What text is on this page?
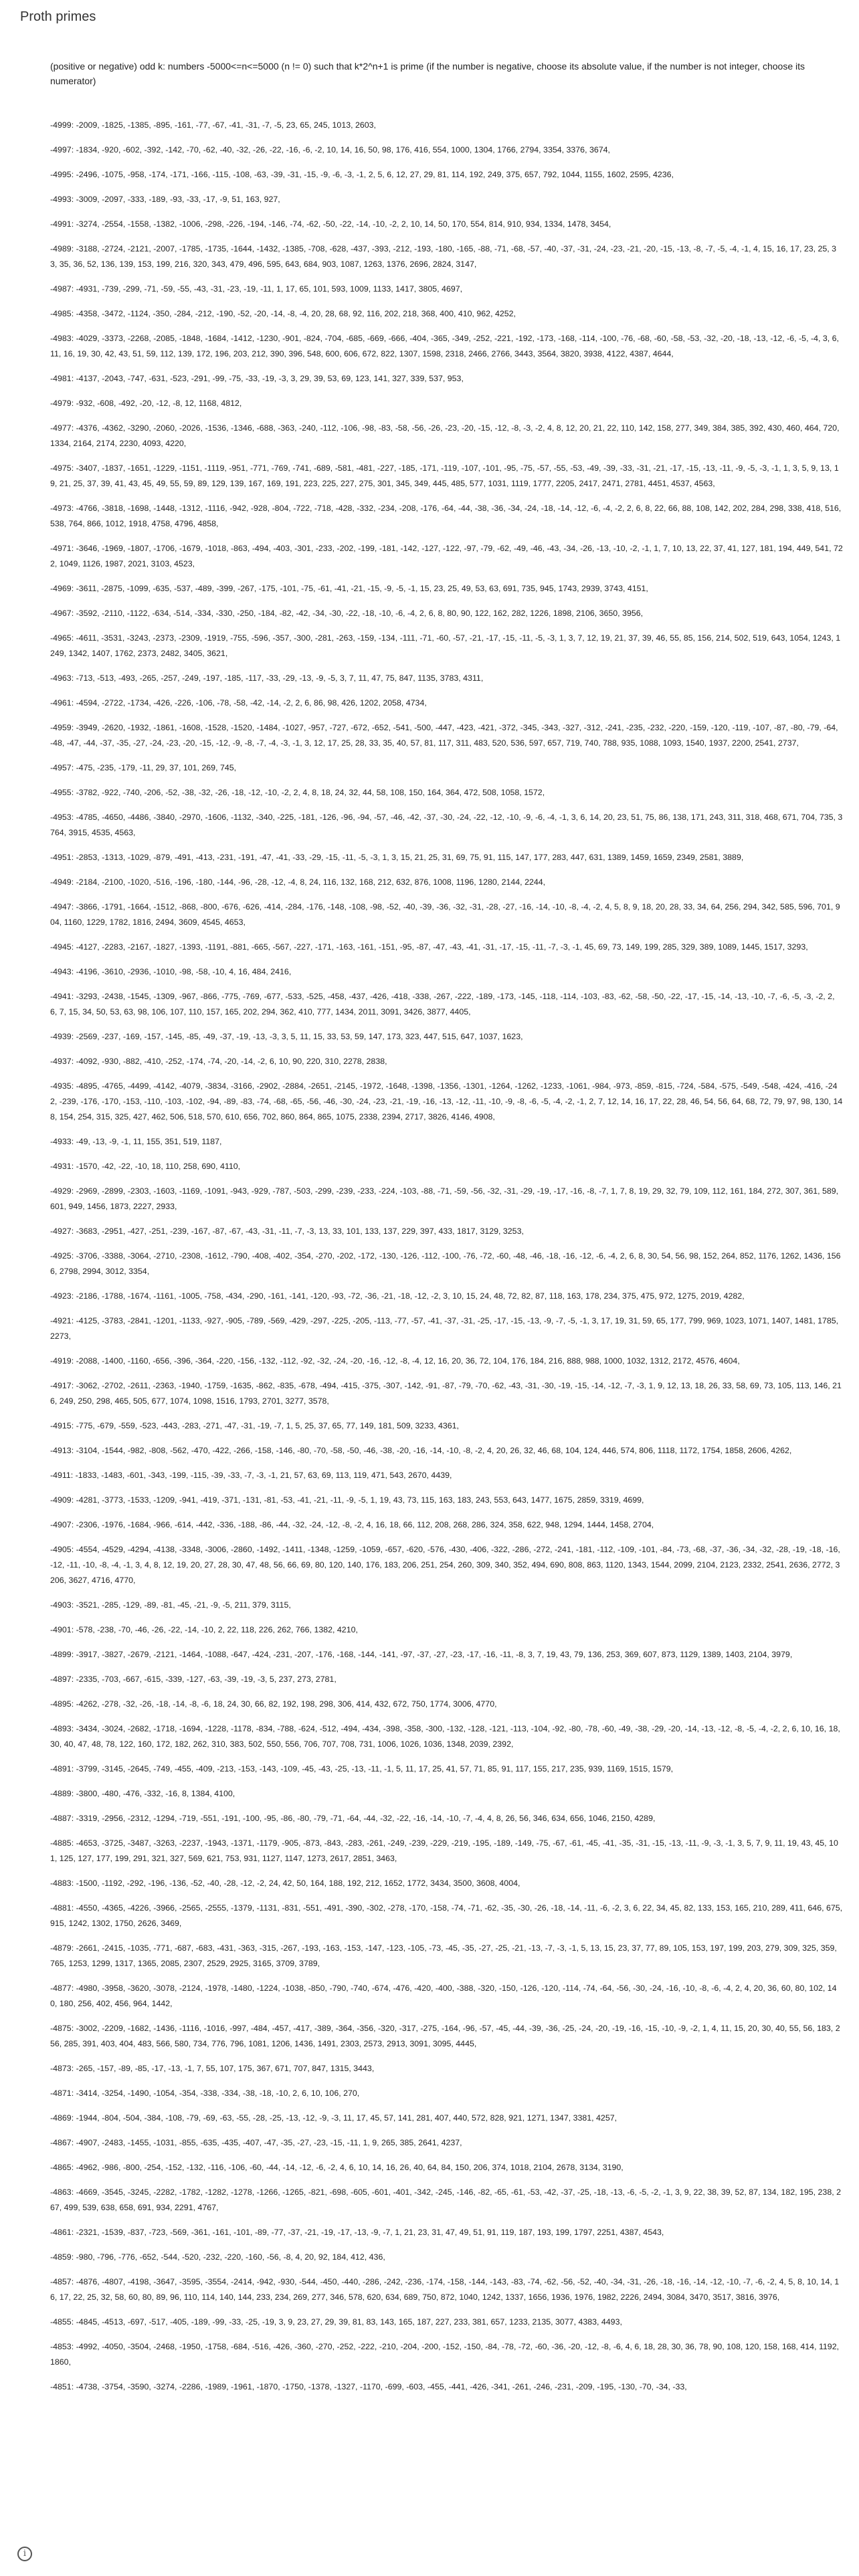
Proth primes

(positive or negative) odd k: numbers -5000<=n<=5000 (n != 0) such that k*2^n+1 is prime (if the number is negative, choose its absolute value, if the number is not integer, choose its numerator)

-4999: -2009, -1825, -1385, -895, -161, -77, -67, -41, -31, -7, -5, 23, 65, 245, 1013, 2603,

-4997: -1834, -920, -602, -392, -142, -70, -62, -40, -32, -26, -22, -16, -6, -2, 10, 14, 16, 50, 98, 176, 416, 554, 1000, 1304, 1766, 2794, 3354, 3376, 3674,

-4995: -2496, -1075, -958, -174, -171, -166, -115, -108, -63, -39, -31, -15, -9, -6, -3, -1, 2, 5, 6, 12, 27, 29, 81, 114, 192, 249, 375, 657, 792, 1044, 1155, 1602, 2595, 4236,

-4993: -3009, -2097, -333, -189, -93, -33, -17, -9, 51, 163, 927,

-4991: -3274, -2554, -1558, -1382, -1006, -298, -226, -194, -146, -74, -62, -50, -22, -14, -10, -2, 2, 10, 14, 50, 170, 554, 814, 910, 934, 1334, 1478, 3454,

-4989: -3188, -2724, -2121, -2007, -1785, -1735, -1644, -1432, -1385, -708, -628, -437, -393, -212, -193, -180, -165, -88, -71, -68, -57, -40, -37, -31, -24, -23, -21, -20, -15, -13, -8, -7, -5, -4, -1, 4, 15, 16, 17, 23, 25, 33, 35, 36, 52, 136, 139, 153, 199, 216, 320, 343, 479, 496, 595, 643, 684, 903, 1087, 1263, 1376, 2696, 2824, 3147,

-4987: -4931, -739, -299, -71, -59, -55, -43, -31, -23, -19, -11, 1, 17, 65, 101, 593, 1009, 1133, 1417, 3805, 4697,

-4985: -4358, -3472, -1124, -350, -284, -212, -190, -52, -20, -14, -8, -4, 20, 28, 68, 92, 116, 202, 218, 368, 400, 410, 962, 4252,

-4983: -4029, -3373, -2268, -2085, -1848, -1684, -1412, -1230, -901, -824, -704, -685, -669, -666, -404, -365, -349, -252, -221, -192, -173, -168, -114, -100, -76, -68, -60, -58, -53, -32, -20, -18, -13, -12, -6, -5, -4, 3, 6, 11, 16, 19, 30, 42, 43, 51, 59, 112, 139, 172, 196, 203, 212, 390, 396, 548, 600, 606, 672, 822, 1307, 1598, 2318, 2466, 2766, 3443, 3564, 3820, 3938, 4122, 4387, 4644,

-4981: -4137, -2043, -747, -631, -523, -291, -99, -75, -33, -19, -3, 3, 29, 39, 53, 69, 123, 141, 327, 339, 537, 953,

-4979: -932, -608, -492, -20, -12, -8, 12, 1168, 4812,

-4977: -4376, -4362, -3290, -2060, -2026, -1536, -1346, -688, -363, -240, -112, -106, -98, -83, -58, -56, -26, -23, -20, -15, -12, -8, -3, -2, 4, 8, 12, 20, 21, 22, 110, 142, 158, 277, 349, 384, 385, 392, 430, 460, 464, 720, 1334, 2164, 2174, 2230, 4093, 4220,

-4975: -3407, -1837, -1651, -1229, -1151, -1119, -951, -771, -769, -741, -689, -581, -481, -227, -185, -171, -119, -107, -101, -95, -75, -57, -55, -53, -49, -39, -33, -31, -21, -17, -15, -13, -11, -9, -5, -3, -1, 1, 3, 5, 9, 13, 19, 21, 25, 37, 39, 41, 43, 45, 49, 55, 59, 89, 129, 139, 167, 169, 191, 223, 225, 227, 275, 301, 345, 349, 445, 485, 577, 1031, 1119, 1777, 2205, 2417, 2471, 2781, 4451, 4537, 4563,

-4973: -4766, -3818, -1698, -1448, -1312, -1116, -942, -928, -804, -722, -718, -428, -332, -234, -208, -176, -64, -44, -38, -36, -34, -24, -18, -14, -12, -6, -4, -2, 2, 6, 8, 22, 66, 88, 108, 142, 202, 284, 298, 338, 418, 516, 538, 764, 866, 1012, 1918, 4758, 4796, 4858,

-4971: -3646, -1969, -1807, -1706, -1679, -1018, -863, -494, -403, -301, -233, -202, -199, -181, -142, -127, -122, -97, -79, -62, -49, -46, -43, -34, -26, -13, -10, -2, -1, 1, 7, 10, 13, 22, 37, 41, 127, 181, 194, 449, 541, 722, 1049, 1126, 1987, 2021, 3103, 4523,

-4969: -3611, -2875, -1099, -635, -537, -489, -399, -267, -175, -101, -75, -61, -41, -21, -15, -9, -5, -1, 15, 23, 25, 49, 53, 63, 691, 735, 945, 1743, 2939, 3743, 4151,

-4967: -3592, -2110, -1122, -634, -514, -334, -330, -250, -184, -82, -42, -34, -30, -22, -18, -10, -6, -4, 2, 6, 8, 80, 90, 122, 162, 282, 1226, 1898, 2106, 3650, 3956,

-4965: -4611, -3531, -3243, -2373, -2309, -1919, -755, -596, -357, -300, -281, -263, -159, -134, -111, -71, -60, -57, -21, -17, -15, -11, -5, -3, 1, 3, 7, 12, 19, 21, 37, 39, 46, 55, 85, 156, 214, 502, 519, 643, 1054, 1243, 1249, 1342, 1407, 1762, 2373, 2482, 3405, 3621,

-4963: -713, -513, -493, -265, -257, -249, -197, -185, -117, -33, -29, -13, -9, -5, 3, 7, 11, 47, 75, 847, 1135, 3783, 4311,

-4961: -4594, -2722, -1734, -426, -226, -106, -78, -58, -42, -14, -2, 2, 6, 86, 98, 426, 1202, 2058, 4734,

-4959: -3949, -2620, -1932, -1861, -1608, -1528, -1520, -1484, -1027, -957, -727, -672, -652, -541, -500, -447, -423, -421, -372, -345, -343, -327, -312, -241, -235, -232, -220, -159, -120, -119, -107, -87, -80, -79, -64, -48, -47, -44, -37, -35, -27, -24, -23, -20, -15, -12, -9, -8, -7, -4, -3, -1, 3, 12, 17, 25, 28, 33, 35, 40, 57, 81, 117, 311, 483, 520, 536, 597, 657, 719, 740, 788, 935, 1088, 1093, 1540, 1937, 2200, 2541, 2737,

-4957: -475, -235, -179, -11, 29, 37, 101, 269, 745,

-4955: -3782, -922, -740, -206, -52, -38, -32, -26, -18, -12, -10, -2, 2, 4, 8, 18, 24, 32, 44, 58, 108, 150, 164, 364, 472, 508, 1058, 1572,

-4953: -4785, -4650, -4486, -3840, -2970, -1606, -1132, -340, -225, -181, -126, -96, -94, -57, -46, -42, -37, -30, -24, -22, -12, -10, -9, -6, -4, -1, 3, 6, 14, 20, 23, 51, 75, 86, 138, 171, 243, 311, 318, 468, 671, 704, 735, 3764, 3915, 4535, 4563,

-4951: -2853, -1313, -1029, -879, -491, -413, -231, -191, -47, -41, -33, -29, -15, -11, -5, -3, 1, 3, 15, 21, 25, 31, 69, 75, 91, 115, 147, 177, 283, 447, 631, 1389, 1459, 1659, 2349, 2581, 3889,

-4949: -2184, -2100, -1020, -516, -196, -180, -144, -96, -28, -12, -4, 8, 24, 116, 132, 168, 212, 632, 876, 1008, 1196, 1280, 2144, 2244,

-4947: -3866, -1791, -1664, -1512, -868, -800, -676, -626, -414, -284, -176, -148, -108, -98, -52, -40, -39, -36, -32, -31, -28, -27, -16, -14, -10, -8, -4, -2, 4, 5, 8, 9, 18, 20, 28, 33, 34, 64, 256, 294, 342, 585, 596, 701, 904, 1160, 1229, 1782, 1816, 2494, 3609, 4545, 4653,

-4945: -4127, -2283, -2167, -1827, -1393, -1191, -881, -665, -567, -227, -171, -163, -161, -151, -95, -87, -47, -43, -41, -31, -17, -15, -11, -7, -3, -1, 45, 69, 73, 149, 199, 285, 329, 389, 1089, 1445, 1517, 3293,

-4943: -4196, -3610, -2936, -1010, -98, -58, -10, 4, 16, 484, 2416,

-4941: -3293, -2438, -1545, -1309, -967, -866, -775, -769, -677, -533, -525, -458, -437, -426, -418, -338, -267, -222, -189, -173, -145, -118, -114, -103, -83, -62, -58, -50, -22, -17, -15, -14, -13, -10, -7, -6, -5, -3, -2, 2, 6, 7, 15, 34, 50, 53, 63, 98, 106, 107, 110, 157, 165, 202, 294, 362, 410, 777, 1434, 2011, 3091, 3426, 3877, 4405,

-4939: -2569, -237, -169, -157, -145, -85, -49, -37, -19, -13, -3, 3, 5, 11, 15, 33, 53, 59, 147, 173, 323, 447, 515, 647, 1037, 1623,

-4937: -4092, -930, -882, -410, -252, -174, -74, -20, -14, -2, 6, 10, 90, 220, 310, 2278, 2838,

-4935: -4895, -4765, -4499, -4142, -4079, -3834, -3166, -2902, -2884, -2651, -2145, -1972, -1648, -1398, -1356, -1301, -1264, -1262, -1233, -1061, -984, -973, -859, -815, -724, -584, -575, -549, -548, -424, -416, -242, -239, -176, -170, -153, -110, -103, -102, -94, -89, -83, -74, -68, -65, -56, -46, -30, -24, -23, -21, -19, -16, -13, -12, -11, -10, -9, -8, -6, -5, -4, -2, -1, 2, 7, 12, 14, 16, 17, 22, 28, 46, 54, 56, 64, 68, 72, 79, 97, 98, 130, 148, 154, 254, 315, 325, 427, 462, 506, 518, 570, 610, 656, 702, 860, 864, 865, 1075, 2338, 2394, 2717, 3826, 4146, 4908,

-4933: -49, -13, -9, -1, 11, 155, 351, 519, 1187,

-4931: -1570, -42, -22, -10, 18, 110, 258, 690, 4110,

-4929: -2969, -2899, -2303, -1603, -1169, -1091, -943, -929, -787, -503, -299, -239, -233, -224, -103, -88, -71, -59, -56, -32, -31, -29, -19, -17, -16, -8, -7, 1, 7, 8, 19, 29, 32, 79, 109, 112, 161, 184, 272, 307, 361, 589, 601, 949, 1456, 1873, 2227, 2933,

-4927: -3683, -2951, -427, -251, -239, -167, -87, -67, -43, -31, -11, -7, -3, 13, 33, 101, 133, 137, 229, 397, 433, 1817, 3129, 3253,

-4925: -3706, -3388, -3064, -2710, -2308, -1612, -790, -408, -402, -354, -270, -202, -172, -130, -126, -112, -100, -76, -72, -60, -48, -46, -18, -16, -12, -6, -4, 2, 6, 8, 30, 54, 56, 98, 152, 264, 852, 1176, 1262, 1436, 1566, 2798, 2994, 3012, 3354,

-4923: -2186, -1788, -1674, -1161, -1005, -758, -434, -290, -161, -141, -120, -93, -72, -36, -21, -18, -12, -2, 3, 10, 15, 24, 48, 72, 82, 87, 118, 163, 178, 234, 375, 475, 972, 1275, 2019, 4282,

-4921: -4125, -3783, -2841, -1201, -1133, -927, -905, -789, -569, -429, -297, -225, -205, -113, -77, -57, -41, -37, -31, -25, -17, -15, -13, -9, -7, -5, -1, 3, 17, 19, 31, 59, 65, 177, 799, 969, 1023, 1071, 1407, 1481, 1785, 2273,

-4919: -2088, -1400, -1160, -656, -396, -364, -220, -156, -132, -112, -92, -32, -24, -20, -16, -12, -8, -4, 12, 16, 20, 36, 72, 104, 176, 184, 216, 888, 988, 1000, 1032, 1312, 2172, 4576, 4604,

-4917: -3062, -2702, -2611, -2363, -1940, -1759, -1635, -862, -835, -678, -494, -415, -375, -307, -142, -91, -87, -79, -70, -62, -43, -31, -30, -19, -15, -14, -12, -7, -3, 1, 9, 12, 13, 18, 26, 33, 58, 69, 73, 105, 113, 146, 216, 249, 250, 298, 465, 505, 677, 1074, 1098, 1516, 1793, 2701, 3277, 3578,

-4915: -775, -679, -559, -523, -443, -283, -271, -47, -31, -19, -7, 1, 5, 25, 37, 65, 77, 149, 181, 509, 3233, 4361,

-4913: -3104, -1544, -982, -808, -562, -470, -422, -266, -158, -146, -80, -70, -58, -50, -46, -38, -20, -16, -14, -10, -8, -2, 4, 20, 26, 32, 46, 68, 104, 124, 446, 574, 806, 1118, 1172, 1754, 1858, 2606, 4262,

-4911: -1833, -1483, -601, -343, -199, -115, -39, -33, -7, -3, -1, 21, 57, 63, 69, 113, 119, 471, 543, 2670, 4439,

-4909: -4281, -3773, -1533, -1209, -941, -419, -371, -131, -81, -53, -41, -21, -11, -9, -5, 1, 19, 43, 73, 115, 163, 183, 243, 553, 643, 1477, 1675, 2859, 3319, 4699,

-4907: -2306, -1976, -1684, -966, -614, -442, -336, -188, -86, -44, -32, -24, -12, -8, -2, 4, 16, 18, 66, 112, 208, 268, 286, 324, 358, 622, 948, 1294, 1444, 1458, 2704,

-4905: -4554, -4529, -4294, -4138, -3348, -3006, -2860, -1492, -1411, -1348, -1259, -1059, -657, -620, -576, -430, -406, -322, -286, -272, -241, -181, -112, -109, -101, -84, -73, -68, -37, -36, -34, -32, -28, -19, -18, -16, -12, -11, -10, -8, -4, -1, 3, 4, 8, 12, 19, 20, 27, 28, 30, 47, 48, 56, 66, 69, 80, 120, 140, 176, 183, 206, 251, 254, 260, 309, 340, 352, 494, 690, 808, 863, 1120, 1343, 1544, 2099, 2104, 2123, 2332, 2541, 2636, 2772, 3206, 3627, 4716, 4770,

-4903: -3521, -285, -129, -89, -81, -45, -21, -9, -5, 211, 379, 3115,

-4901: -578, -238, -70, -46, -26, -22, -14, -10, 2, 22, 118, 226, 262, 766, 1382, 4210,

-4899: -3917, -3827, -2679, -2121, -1464, -1088, -647, -424, -231, -207, -176, -168, -144, -141, -97, -37, -27, -23, -17, -16, -11, -8, 3, 7, 19, 43, 79, 136, 253, 369, 607, 873, 1129, 1389, 1403, 2104, 3979,

-4897: -2335, -703, -667, -615, -339, -127, -63, -39, -19, -3, 5, 237, 273, 2781,

-4895: -4262, -278, -32, -26, -18, -14, -8, -6, 18, 24, 30, 66, 82, 192, 198, 298, 306, 414, 432, 672, 750, 1774, 3006, 4770,

-4893: -3434, -3024, -2682, -1718, -1694, -1228, -1178, -834, -788, -624, -512, -494, -434, -398, -358, -300, -132, -128, -121, -113, -104, -92, -80, -78, -60, -49, -38, -29, -20, -14, -13, -12, -8, -5, -4, -2, 2, 6, 10, 16, 18, 30, 40, 47, 48, 78, 122, 160, 172, 182, 262, 310, 383, 502, 550, 556, 706, 707, 708, 731, 1006, 1026, 1036, 1348, 2039, 2392,

-4891: -3799, -3145, -2645, -749, -455, -409, -213, -153, -143, -109, -45, -43, -25, -13, -11, -1, 5, 11, 17, 25, 41, 57, 71, 85, 91, 117, 155, 217, 235, 939, 1169, 1515, 1579,

-4889: -3800, -480, -476, -332, -16, 8, 1384, 4100,

-4887: -3319, -2956, -2312, -1294, -719, -551, -191, -100, -95, -86, -80, -79, -71, -64, -44, -32, -22, -16, -14, -10, -7, -4, 4, 8, 26, 56, 346, 634, 656, 1046, 2150, 4289,

-4885: -4653, -3725, -3487, -3263, -2237, -1943, -1371, -1179, -905, -873, -843, -283, -261, -249, -239, -229, -219, -195, -189, -149, -75, -67, -61, -45, -41, -35, -31, -15, -13, -11, -9, -3, -1, 3, 5, 7, 9, 11, 19, 43, 45, 101, 125, 127, 177, 199, 291, 321, 327, 569, 621, 753, 931, 1127, 1147, 1273, 2617, 2851, 3463,

-4883: -1500, -1192, -292, -196, -136, -52, -40, -28, -12, -2, 24, 42, 50, 164, 188, 192, 212, 1652, 1772, 3434, 3500, 3608, 4004,

-4881: -4550, -4365, -4226, -3966, -2565, -2555, -1379, -1131, -831, -551, -491, -390, -302, -278, -170, -158, -74, -71, -62, -35, -30, -26, -18, -14, -11, -6, -2, 3, 6, 22, 34, 45, 82, 133, 153, 165, 210, 289, 411, 646, 675, 915, 1242, 1302, 1750, 2626, 3469,

-4879: -2661, -2415, -1035, -771, -687, -683, -431, -363, -315, -267, -193, -163, -153, -147, -123, -105, -73, -45, -35, -27, -25, -21, -13, -7, -3, -1, 5, 13, 15, 23, 37, 77, 89, 105, 153, 197, 199, 203, 279, 309, 325, 359, 765, 1253, 1299, 1317, 1365, 2085, 2307, 2529, 2925, 3165, 3709, 3789,

-4877: -4980, -3958, -3620, -3078, -2124, -1978, -1480, -1224, -1038, -850, -790, -740, -674, -476, -420, -400, -388, -320, -150, -126, -120, -114, -74, -64, -56, -30, -24, -16, -10, -8, -6, -4, 2, 4, 20, 36, 60, 80, 102, 140, 180, 256, 402, 456, 964, 1442,

-4875: -3002, -2209, -1682, -1436, -1116, -1016, -997, -484, -457, -417, -389, -364, -356, -320, -317, -275, -164, -96, -57, -45, -44, -39, -36, -25, -24, -20, -19, -16, -15, -10, -9, -2, 1, 4, 11, 15, 20, 30, 40, 55, 56, 183, 256, 285, 391, 403, 404, 483, 566, 580, 734, 776, 796, 1081, 1206, 1436, 1491, 2303, 2573, 2913, 3091, 3095, 4445,

-4873: -265, -157, -89, -85, -17, -13, -1, 7, 55, 107, 175, 367, 671, 707, 847, 1315, 3443,

-4871: -3414, -3254, -1490, -1054, -354, -338, -334, -38, -18, -10, 2, 6, 10, 106, 270,

-4869: -1944, -804, -504, -384, -108, -79, -69, -63, -55, -28, -25, -13, -12, -9, -3, 11, 17, 45, 57, 141, 281, 407, 440, 572, 828, 921, 1271, 1347, 3381, 4257,

-4867: -4907, -2483, -1455, -1031, -855, -635, -435, -407, -47, -35, -27, -23, -15, -11, 1, 9, 265, 385, 2641, 4237,

-4865: -4962, -986, -800, -254, -152, -132, -116, -106, -60, -44, -14, -12, -6, -2, 4, 6, 10, 14, 16, 26, 40, 64, 84, 150, 206, 374, 1018, 2104, 2678, 3134, 3190,

-4863: -4669, -3545, -3245, -2282, -1782, -1282, -1278, -1266, -1265, -821, -698, -605, -601, -401, -342, -245, -146, -82, -65, -61, -53, -42, -37, -25, -18, -13, -6, -5, -2, -1, 3, 9, 22, 38, 39, 52, 87, 134, 182, 195, 238, 267, 499, 539, 638, 658, 691, 934, 2291, 4767,

-4861: -2321, -1539, -837, -723, -569, -361, -161, -101, -89, -77, -37, -21, -19, -17, -13, -9, -7, 1, 21, 23, 31, 47, 49, 51, 91, 119, 187, 193, 199, 1797, 2251, 4387, 4543,

-4859: -980, -796, -776, -652, -544, -520, -232, -220, -160, -56, -8, 4, 20, 92, 184, 412, 436,

-4857: -4876, -4807, -4198, -3647, -3595, -3554, -2414, -942, -930, -544, -450, -440, -286, -242, -236, -174, -158, -144, -143, -83, -74, -62, -56, -52, -40, -34, -31, -26, -18, -16, -14, -12, -10, -7, -6, -2, 4, 5, 8, 10, 14, 16, 17, 22, 25, 32, 58, 60, 80, 89, 96, 110, 114, 140, 144, 233, 234, 269, 277, 346, 578, 620, 634, 689, 750, 872, 1040, 1242, 1337, 1656, 1936, 1976, 1982, 2226, 2494, 3084, 3470, 3517, 3816, 3976,

-4855: -4845, -4513, -697, -517, -405, -189, -99, -33, -25, -19, 3, 9, 23, 27, 29, 39, 81, 83, 143, 165, 187, 227, 233, 381, 657, 1233, 2135, 3077, 4383, 4493,

-4853: -4992, -4050, -3504, -2468, -1950, -1758, -684, -516, -426, -360, -270, -252, -222, -210, -204, -200, -152, -150, -84, -78, -72, -60, -36, -20, -12, -8, -6, 4, 6, 18, 28, 30, 36, 78, 90, 108, 120, 158, 168, 414, 1192, 1860,

-4851: -4738, -3754, -3590, -3274, -2286, -1989, -1961, -1870, -1750, -1378, -1327, -1170, -699, -603, -455, -441, -426, -341, -261, -246, -231, -209, -195, -130, -70, -34, -33,

i
